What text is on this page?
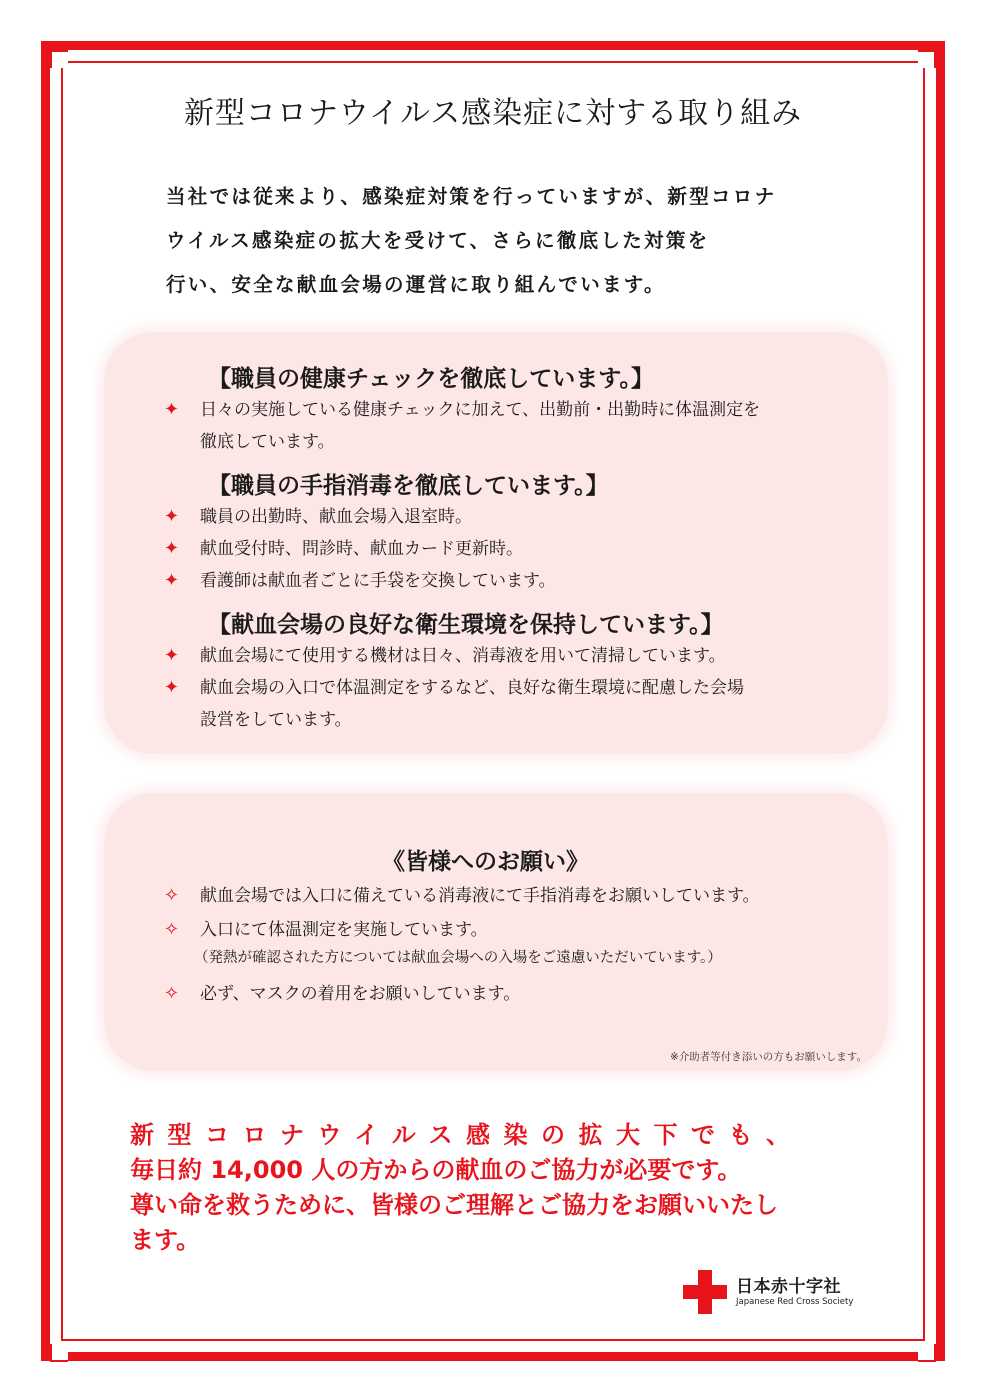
新型コロナウイルス感染症に対する取り組み

当社では従来より、感染症対策を行っていますが、新型コロナ
ウイルス感染症の拡大を受けて、さらに徹底した対策を
行い、安全な献血会場の運営に取り組んでいます。

【職員の健康チェックを徹底しています。】
✦ 日々の実施している健康チェックに加えて、出勤前・出勤時に体温測定を
徹底しています。
【職員の手指消毒を徹底しています。】
✦ 職員の出勤時、献血会場入退室時。
✦ 献血受付時、問診時、献血カード更新時。
✦ 看護師は献血者ごとに手袋を交換しています。
【献血会場の良好な衛生環境を保持しています。】
✦ 献血会場にて使用する機材は日々、消毒液を用いて清掃しています。
✦ 献血会場の入口で体温測定をするなど、良好な衛生環境に配慮した会場
設営をしています。
《皆様へのお願い》
✧ 献血会場では入口に備えている消毒液にて手指消毒をお願いしています。
✧ 入口にて体温測定を実施しています。
✧ 必ず、マスクの着用をお願いしています。
（発熱が確認された方については献血会場への入場をご遠慮いただいています。）
※介助者等付き添いの方もお願いします。
新型コロナウイルス感染の拡大下でも、
毎日約 14,000 人の方からの献血のご協力が必要です。
尊い命を救うために、皆様のご理解とご協力をお願いいたし
ます。
日本赤十字社
Japanese Red Cross Society
